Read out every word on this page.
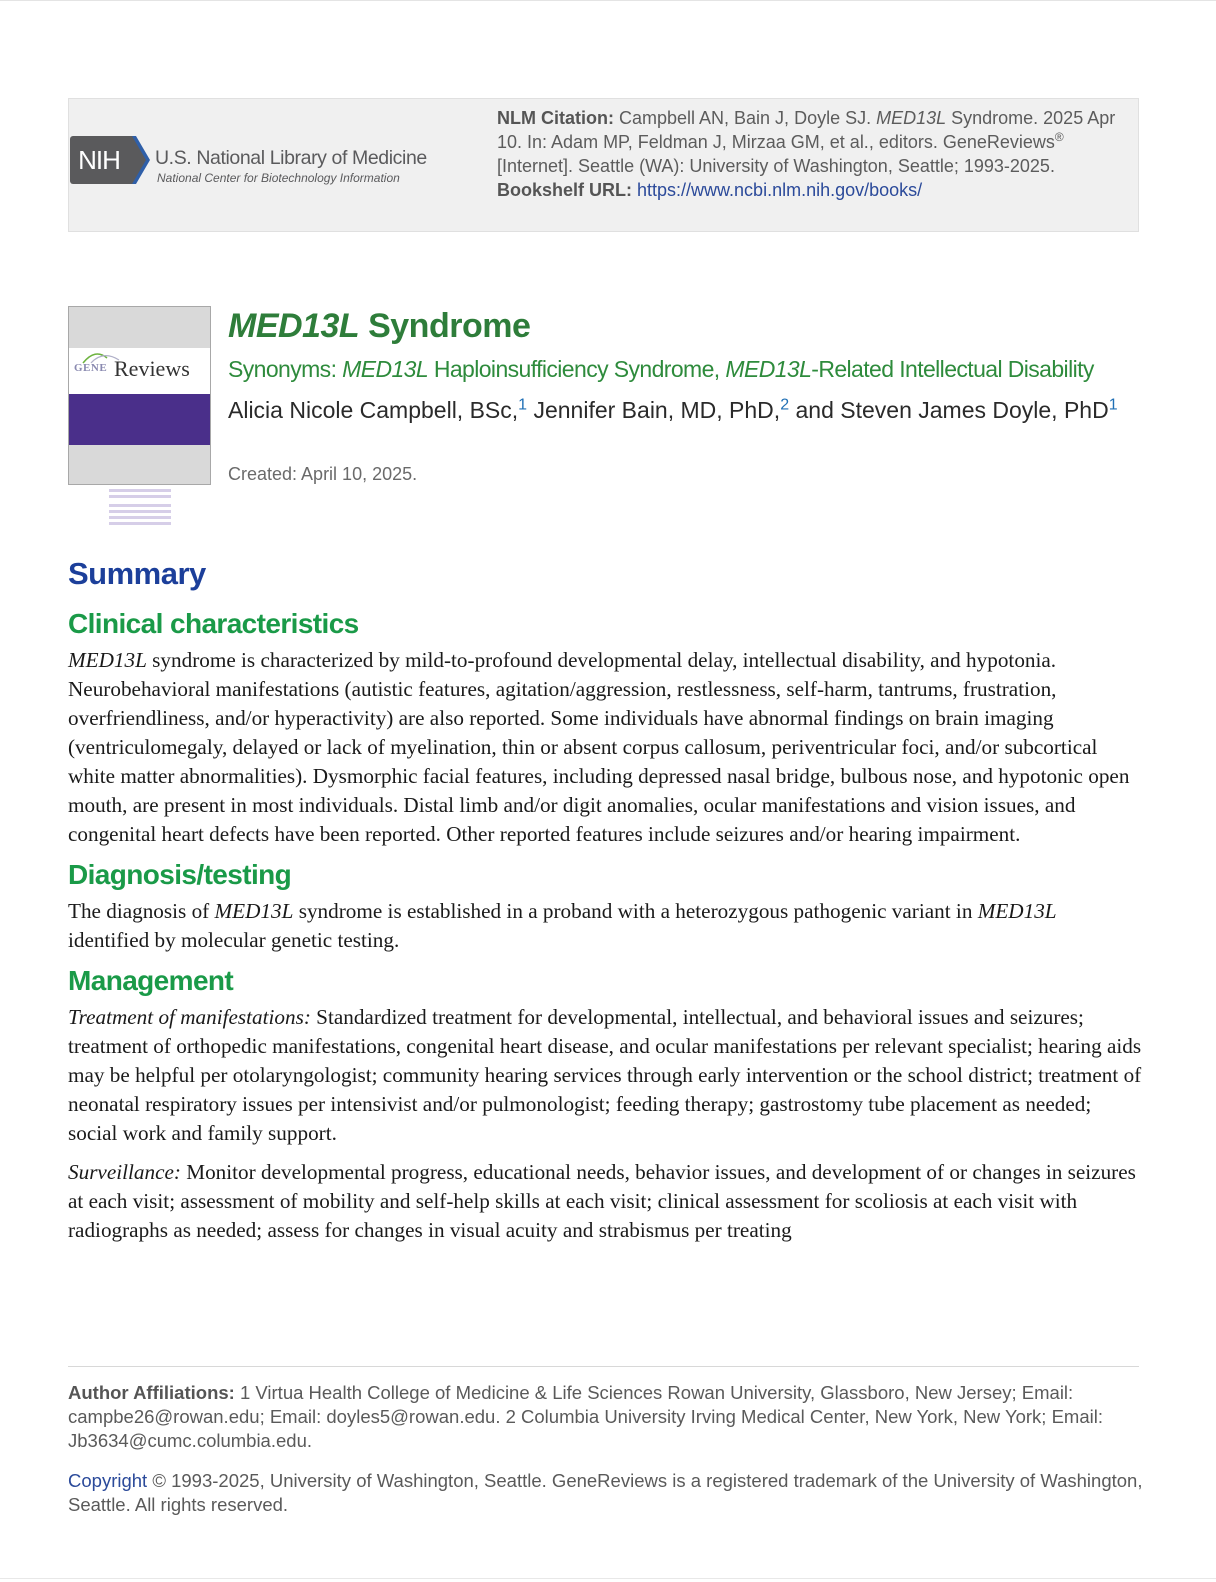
NIH	U.S. National Library of Medicine
National Center for Biotechnology Information
NLM Citation: Campbell AN, Bain J, Doyle SJ. MED13L Syndrome. 2025 Apr 10. In: Adam MP, Feldman J, Mirzaa GM, et al., editors. GeneReviews® [Internet]. Seattle (WA): University of Washington, Seattle; 1993-2025.
Bookshelf URL: https://www.ncbi.nlm.nih.gov/books/
GENE Reviews
MED13L Syndrome
Synonyms: MED13L Haploinsufficiency Syndrome, MED13L-Related Intellectual Disability
Alicia Nicole Campbell, BSc,$^1$ Jennifer Bain, MD, PhD,$^2$ and Steven James Doyle, PhD$^1$
Created: April 10, 2025.
Summary
Clinical characteristics

MED13L syndrome is characterized by mild-to-profound developmental delay, intellectual disability, and hypotonia. Neurobehavioral manifestations (autistic features, agitation/aggression, restlessness, self-harm, tantrums, frustration, overfriendliness, and/or hyperactivity) are also reported. Some individuals have abnormal findings on brain imaging (ventriculomegaly, delayed or lack of myelination, thin or absent corpus callosum, periventricular foci, and/or subcortical white matter abnormalities). Dysmorphic facial features, including depressed nasal bridge, bulbous nose, and hypotonic open mouth, are present in most individuals. Distal limb and/or digit anomalies, ocular manifestations and vision issues, and congenital heart defects have been reported. Other reported features include seizures and/or hearing impairment.

Diagnosis/testing

The diagnosis of MED13L syndrome is established in a proband with a heterozygous pathogenic variant in MED13L identified by molecular genetic testing.

Management

Treatment of manifestations: Standardized treatment for developmental, intellectual, and behavioral issues and seizures; treatment of orthopedic manifestations, congenital heart disease, and ocular manifestations per relevant specialist; hearing aids may be helpful per otolaryngologist; community hearing services through early intervention or the school district; treatment of neonatal respiratory issues per intensivist and/or pulmonologist; feeding therapy; gastrostomy tube placement as needed; social work and family support.

Surveillance: Monitor developmental progress, educational needs, behavior issues, and development of or changes in seizures at each visit; assessment of mobility and self-help skills at each visit; clinical assessment for scoliosis at each visit with radiographs as needed; assess for changes in visual acuity and strabismus per treating

Author Affiliations: 1 Virtua Health College of Medicine & Life Sciences Rowan University, Glassboro, New Jersey; Email: campbe26@rowan.edu; Email: doyles5@rowan.edu. 2 Columbia University Irving Medical Center, New York, New York; Email: Jb3634@cumc.columbia.edu.
Copyright © 1993-2025, University of Washington, Seattle. GeneReviews is a registered trademark of the University of Washington, Seattle. All rights reserved.
